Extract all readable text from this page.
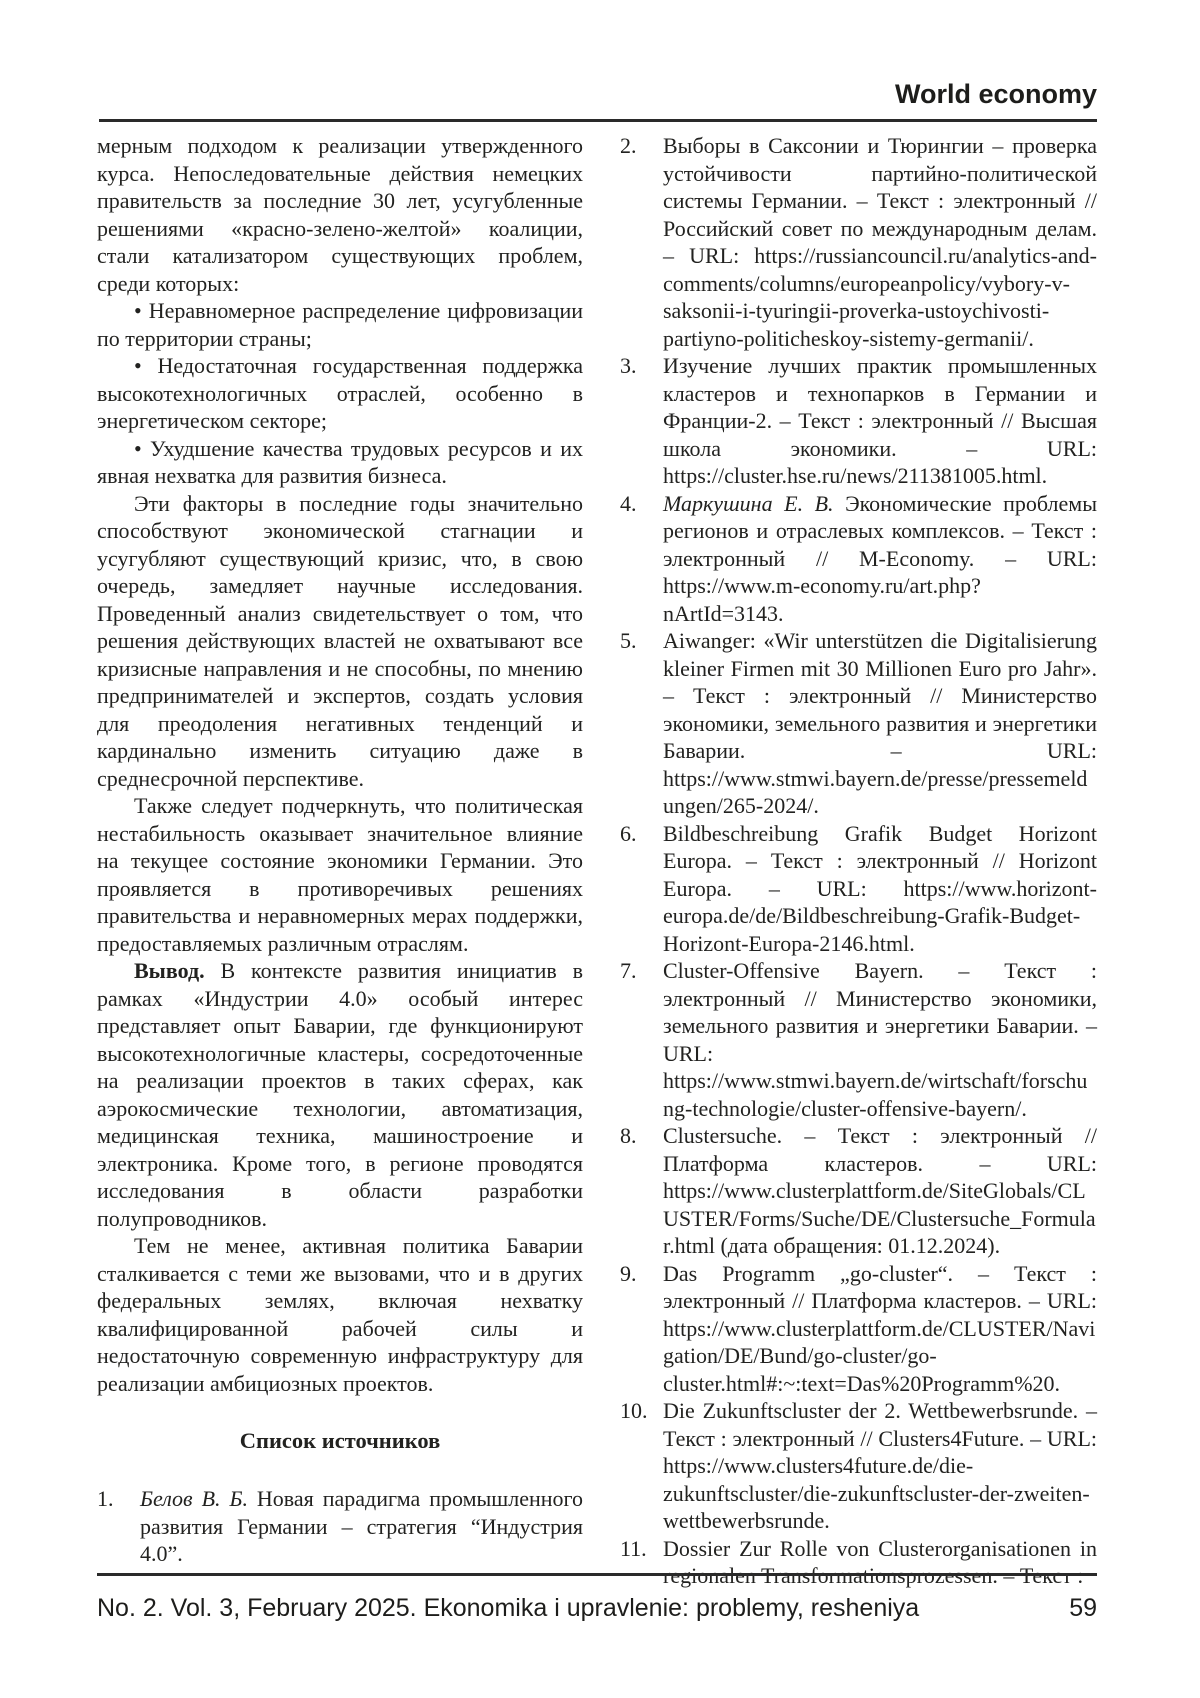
World economy

мерным подходом к реализации утвержденного курса. Непоследовательные действия немецких правительств за последние 30 лет, усугубленные решениями «красно-зелено-желтой» коалиции, стали катализатором существующих проблем, среди которых:

• Неравномерное распределение цифровизации по территории страны;

• Недостаточная государственная поддержка высокотехнологичных отраслей, особенно в энергетическом секторе;

• Ухудшение качества трудовых ресурсов и их явная нехватка для развития бизнеса.

Эти факторы в последние годы значительно способствуют экономической стагнации и усугубляют существующий кризис, что, в свою очередь, замедляет научные исследования. Проведенный анализ свидетельствует о том, что решения действующих властей не охватывают все кризисные направления и не способны, по мнению предпринимателей и экспертов, создать условия для преодоления негативных тенденций и кардинально изменить ситуацию даже в среднесрочной перспективе.

Также следует подчеркнуть, что политическая нестабильность оказывает значительное влияние на текущее состояние экономики Германии. Это проявляется в противоречивых решениях правительства и неравномерных мерах поддержки, предоставляемых различным отраслям.

Вывод. В контексте развития инициатив в рамках «Индустрии 4.0» особый интерес представляет опыт Баварии, где функционируют высокотехнологичные кластеры, сосредоточенные на реализации проектов в таких сферах, как аэрокосмические технологии, автоматизация, медицинская техника, машиностроение и электроника. Кроме того, в регионе проводятся исследования в области разработки полупроводников.

Тем не менее, активная политика Баварии сталкивается с теми же вызовами, что и в других федеральных землях, включая нехватку квалифицированной рабочей силы и недостаточную современную инфраструктуру для реализации амбициозных проектов.

Список источников
1. Белов В. Б. Новая парадигма промышленного развития Германии – стратегия “Индустрия 4.0”.
2. Выборы в Саксонии и Тюрингии – проверка устойчивости партийно-политической системы Германии. – Текст : электронный // Российский совет по международным делам. – URL: https://russiancouncil.ru/analytics-and-comments/columns/europeanpolicy/vybory-v-saksonii-i-tyuringii-proverka-ustoychivosti-partiyno-politicheskoy-sistemy-germanii/.
3. Изучение лучших практик промышленных кластеров и технопарков в Германии и Франции-2. – Текст : электронный // Высшая школа экономики. – URL: https://cluster.hse.ru/news/211381005.html.
4. Маркушина Е. В. Экономические проблемы регионов и отраслевых комплексов. – Текст : электронный // M-Economy. – URL: https://www.m-economy.ru/art.php?nArtId=3143.
5. Aiwanger: «Wir unterstützen die Digitalisierung kleiner Firmen mit 30 Millionen Euro pro Jahr». – Текст : электронный // Министерство экономики, земельного развития и энергетики Баварии. – URL: https://www.stmwi.bayern.de/presse/pressemeldungen/265-2024/.
6. Bildbeschreibung Grafik Budget Horizont Europa. – Текст : электронный // Horizont Europa. – URL: https://www.horizont-europa.de/de/Bildbeschreibung-Grafik-Budget-Horizont-Europa-2146.html.
7. Cluster-Offensive Bayern. – Текст : электронный // Министерство экономики, земельного развития и энергетики Баварии. – URL: https://www.stmwi.bayern.de/wirtschaft/forschung-technologie/cluster-offensive-bayern/.
8. Clustersuche. – Текст : электронный // Платформа кластеров. – URL: https://www.clusterplattform.de/SiteGlobals/CLUSTER/Forms/Suche/DE/Clustersuche_Formular.html (дата обращения: 01.12.2024).
9. Das Programm „go-cluster“. – Текст : электронный // Платформа кластеров. – URL: https://www.clusterplattform.de/CLUSTER/Navigation/DE/Bund/go-cluster/go-cluster.html#:~:text=Das%20Programm%20.
10. Die Zukunftscluster der 2. Wettbewerbsrunde. – Текст : электронный // Clusters4Future. – URL: https://www.clusters4future.de/die-zukunftscluster/die-zukunftscluster-der-zweiten-wettbewerbsrunde.
11. Dossier Zur Rolle von Clusterorganisationen in
No. 2. Vol. 3, February 2025. Ekonomika i upravlenie: problemy, resheniya	59
